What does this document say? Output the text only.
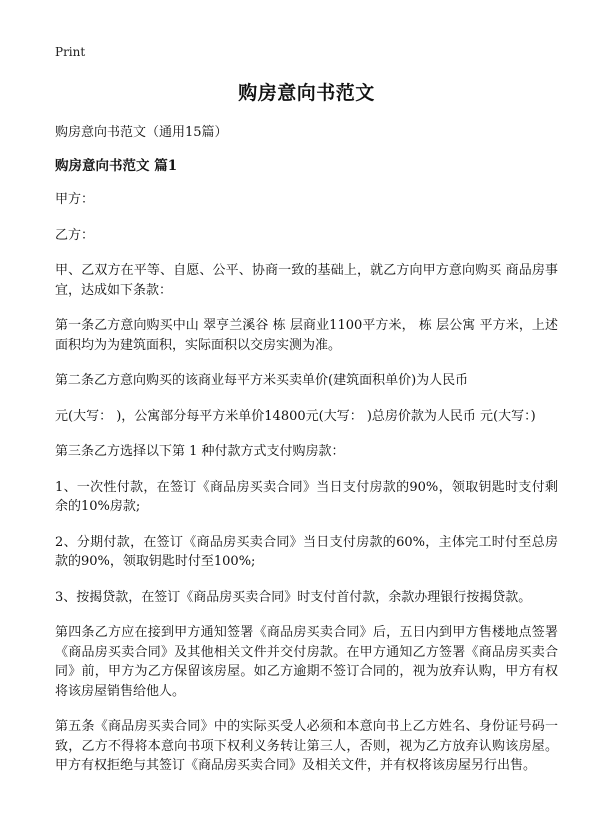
Print
购房意向书范文
购房意向书范文（通用15篇）
购房意向书范文 篇1

甲方：

乙方：

甲、乙双方在平等、自愿、公平、协商一致的基础上，就乙方向甲方意向购买 商品房事宜，达成如下条款：

第一条乙方意向购买中山 翠亨兰溪谷 栋 层商业1100平方米， 栋 层公寓 平方米，上述面积均为为建筑面积，实际面积以交房实测为准。

第二条乙方意向购买的该商业每平方米买卖单价(建筑面积单价)为人民币

元(大写： )，公寓部分每平方米单价14800元(大写： )总房价款为人民币 元(大写：)

第三条乙方选择以下第 1 种付款方式支付购房款：

1、一次性付款，在签订《商品房买卖合同》当日支付房款的90%，领取钥匙时支付剩余的10%房款;

2、分期付款，在签订《商品房买卖合同》当日支付房款的60%，主体完工时付至总房款的90%，领取钥匙时付至100%;

3、按揭贷款，在签订《商品房买卖合同》时支付首付款，余款办理银行按揭贷款。

第四条乙方应在接到甲方通知签署《商品房买卖合同》后，五日内到甲方售楼地点签署《商品房买卖合同》及其他相关文件并交付房款。在甲方通知乙方签署《商品房买卖合同》前，甲方为乙方保留该房屋。如乙方逾期不签订合同的，视为放弃认购，甲方有权将该房屋销售给他人。

第五条《商品房买卖合同》中的实际买受人必须和本意向书上乙方姓名、身份证号码一致，乙方不得将本意向书项下权利义务转让第三人，否则，视为乙方放弃认购该房屋。甲方有权拒绝与其签订《商品房买卖合同》及相关文件，并有权将该房屋另行出售。
